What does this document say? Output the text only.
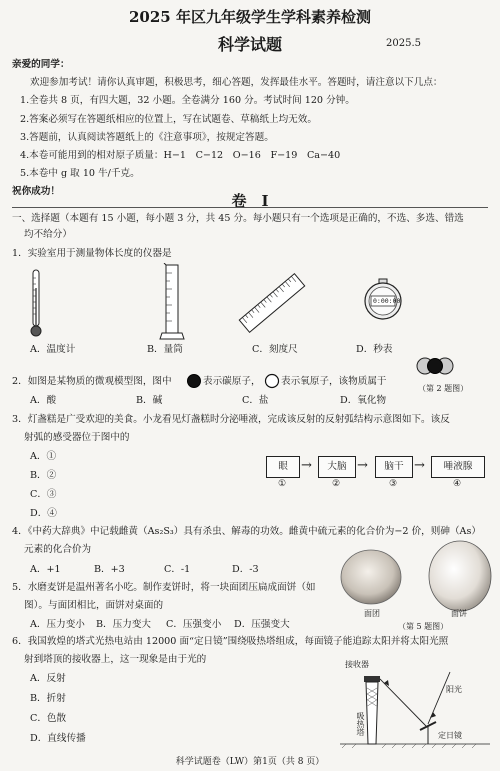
2025 年区九年级学生学科素养检测
科学试题	2025.5
亲爱的同学：
欢迎参加考试！请你认真审题，积极思考，细心答题，发挥最佳水平。答题时，请注意以下几点：
1.全卷共 8 页，有四大题，32 小题。全卷满分 160 分。考试时间 120 分钟。
2.答案必须写在答题纸相应的位置上，写在试题卷、草稿纸上均无效。
3.答题前，认真阅读答题纸上的《注意事项》，按规定答题。
4.本卷可能用到的相对原子质量：H−1　C−12　O−16　F−19　Ca−40
5.本卷中 g 取 10 牛/千克。
祝你成功！
卷　I
一、选择题（本题有 15 小题，每小题 3 分，共 45 分。每小题只有一个选项是正确的，不选、多选、错选
均不给分）
1．实验室用于测量物体长度的仪器是
0:00:00
A．温度计	B．量筒	C．刻度尺	D．秒表
2．如图是某物质的微观模型图，图中	表示碳原子， 表示氧原子，该物质属于
（第 2 题图）
A．酸	B．碱	C．盐	D．氧化物
3．灯盏糕是广受欢迎的美食。小龙看见灯盏糕时分泌唾液，完成该反射的反射弧结构示意图如下。该反
射弧的感受器位于图中的
A．①
B．②
C．③
D．④
眼	→	大脑 →	脑干 →	唾液腺
①	②	③	④
4．《中药大辞典》中记载雌黄（As₂S₃）具有杀虫、解毒的功效。雌黄中硫元素的化合价为−2 价，则砷（As）
元素的化合价为
A．+1	B．+3	C．-1	D．-3
5．水磨麦饼是温州著名小吃。制作麦饼时，将一块面团压扁成面饼（如
图）。与面团相比，面饼对桌面的
A．压力变小 B．压力变大 C．压强变小 D．压强变大
面团	面饼
（第 5 题图）
6．我国敦煌的塔式光热电站由 12000 面“定日镜”围绕吸热塔组成，每面镜子能追踪太阳并将太阳光照
射到塔顶的接收器上，这一现象是由于光的
A．反射
B．折射
C．色散
D．直线传播
接收器
阳光
吸热塔	定日镜
科学试题卷（LW）第1页（共 8 页）
